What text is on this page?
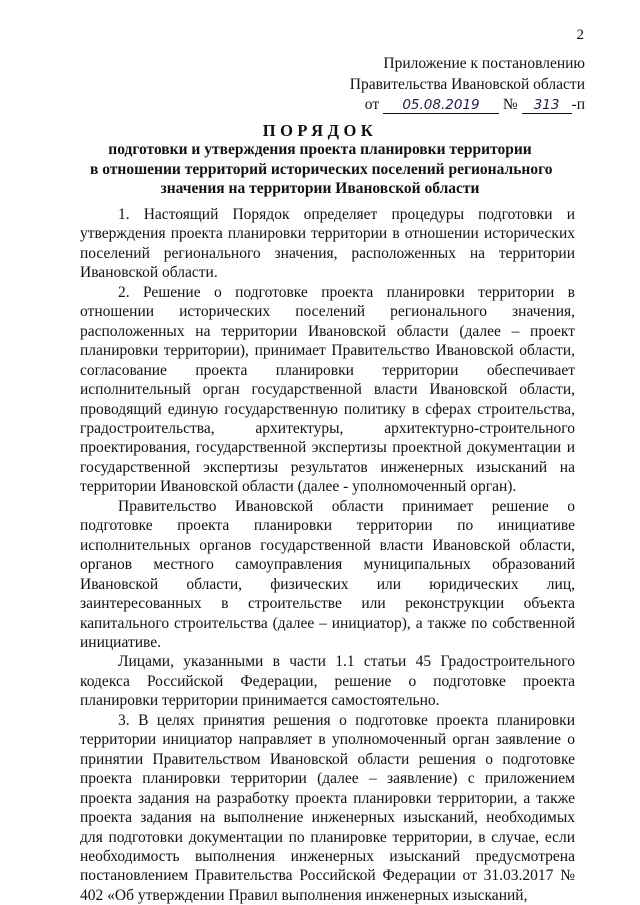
2
Приложение к постановлению
Правительства Ивановской области
от 05.08.2019 № 313 -п
ПОРЯДОК
подготовки и утверждения проекта планировки территории
в отношении территорий исторических поселений регионального
значения на территории Ивановской области

1. Настоящий Порядок определяет процедуры подготовки и утверждения проекта планировки территории в отношении исторических поселений регионального значения, расположенных на территории Ивановской области.

2. Решение о подготовке проекта планировки территории в отношении исторических поселений регионального значения, расположенных на территории Ивановской области (далее – проект планировки территории), принимает Правительство Ивановской области, согласование проекта планировки территории обеспечивает исполнительный орган государственной власти Ивановской области, проводящий единую государственную политику в сферах строительства, градостроительства, архитектуры, архитектурно-строительного проектирования, государственной экспертизы проектной документации и государственной экспертизы результатов инженерных изысканий на территории Ивановской области (далее - уполномоченный орган).

Правительство Ивановской области принимает решение о подготовке проекта планировки территории по инициативе исполнительных органов государственной власти Ивановской области, органов местного самоуправления муниципальных образований Ивановской области, физических или юридических лиц, заинтересованных в строительстве или реконструкции объекта капитального строительства (далее – инициатор), а также по собственной инициативе.

Лицами, указанными в части 1.1 статьи 45 Градостроительного кодекса Российской Федерации, решение о подготовке проекта планировки территории принимается самостоятельно.

3. В целях принятия решения о подготовке проекта планировки территории инициатор направляет в уполномоченный орган заявление о принятии Правительством Ивановской области решения о подготовке проекта планировки территории (далее – заявление) с приложением проекта задания на разработку проекта планировки территории, а также проекта задания на выполнение инженерных изысканий, необходимых для подготовки документации по планировке территории, в случае, если необходимость выполнения инженерных изысканий предусмотрена постановлением Правительства Российской Федерации от 31.03.2017 № 402 «Об утверждении Правил выполнения инженерных изысканий,
